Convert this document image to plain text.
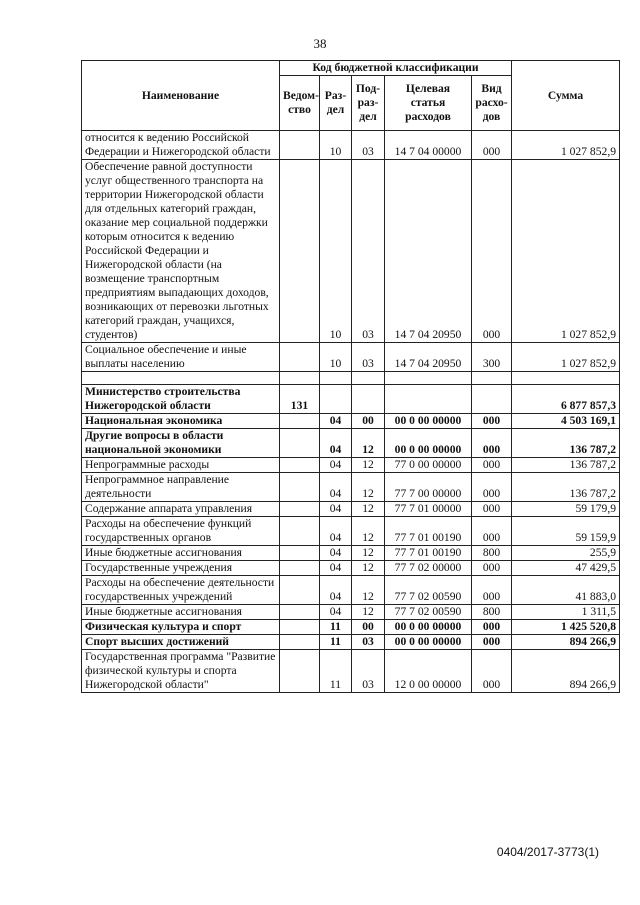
38
Наименование	Код бюджетной классификации					Сумма
	Ведом-ство	Раз-дел	Под-раз-дел	Целевая статья расходов	Вид расхо-дов	
относится к ведению Российской Федерации и Нижегородской области		10	03	14 7 04 00000	000	1 027 852,9
Обеспечение равной доступности услуг общественного транспорта на территории Нижегородской области для отдельных категорий граждан, оказание мер социальной поддержки которым относится к ведению Российской Федерации и Нижегородской области (на возмещение транспортным предприятиям выпадающих доходов, возникающих от перевозки льготных категорий граждан, учащихся, студентов)		10	03	14 7 04 20950	000	1 027 852,9
Социальное обеспечение и иные выплаты населению		10	03	14 7 04 20950	300	1 027 852,9

Министерство строительства Нижегородской области	131					6 877 857,3
Национальная экономика		04	00	00 0 00 00000	000	4 503 169,1
Другие вопросы в области национальной экономики		04	12	00 0 00 00000	000	136 787,2
Непрограммные расходы		04	12	77 0 00 00000	000	136 787,2
Непрограммное направление деятельности		04	12	77 7 00 00000	000	136 787,2
Содержание аппарата управления		04	12	77 7 01 00000	000	59 179,9
Расходы на обеспечение функций государственных органов		04	12	77 7 01 00190	000	59 159,9
Иные бюджетные ассигнования		04	12	77 7 01 00190	800	255,9
Государственные учреждения		04	12	77 7 02 00000	000	47 429,5
Расходы на обеспечение деятельности государственных учреждений		04	12	77 7 02 00590	000	41 883,0
Иные бюджетные ассигнования		04	12	77 7 02 00590	800	1 311,5
Физическая культура и спорт		11	00	00 0 00 00000	000	1 425 520,8
Спорт высших достижений		11	03	00 0 00 00000	000	894 266,9
Государственная программа "Развитие физической культуры и спорта Нижегородской области"		11	03	12 0 00 00000	000	894 266,9
0404/2017-3773(1)
